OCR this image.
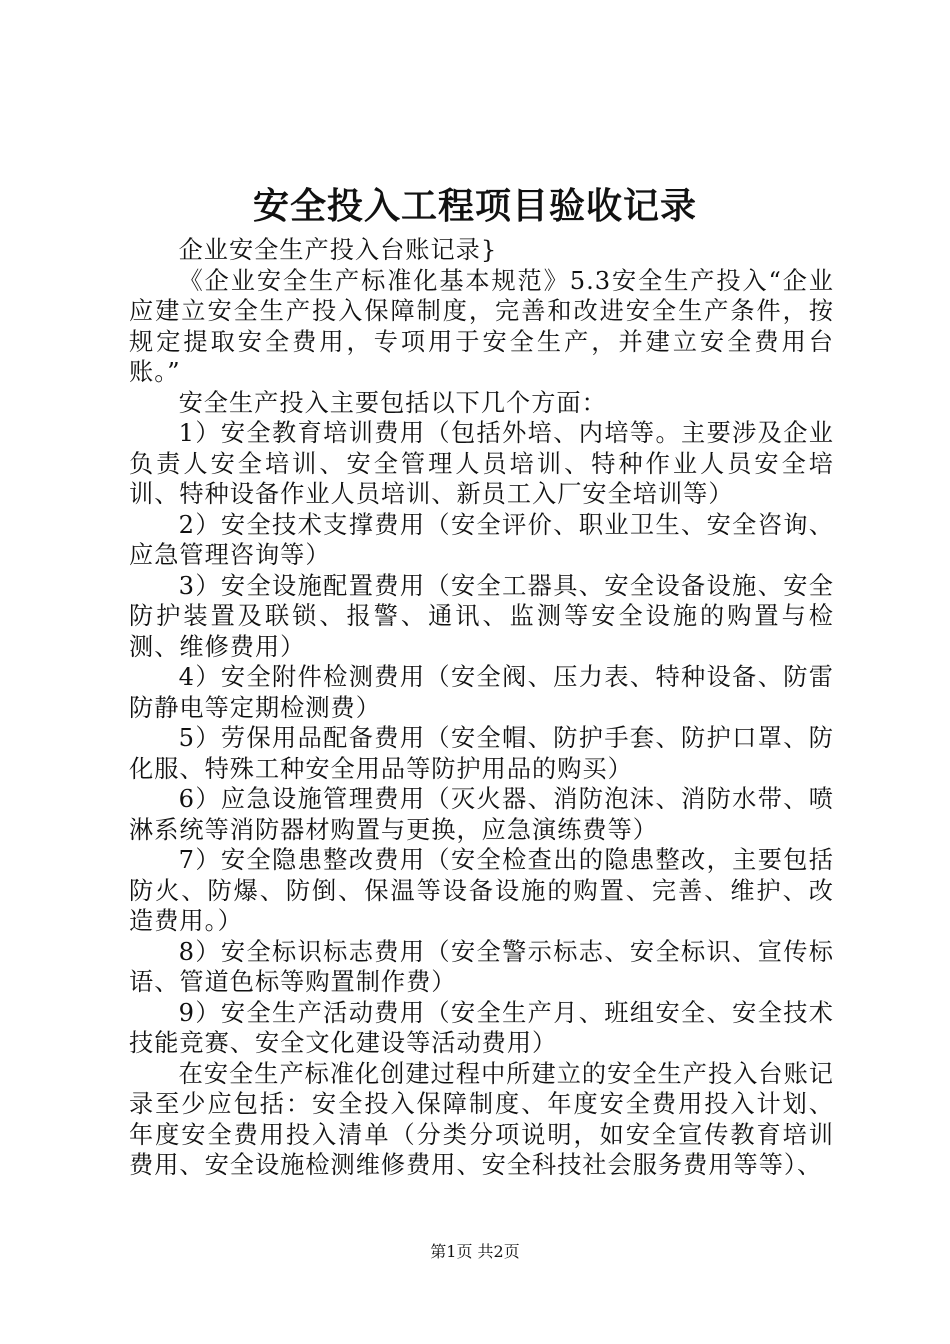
安全投入工程项目验收记录

企业安全生产投入台账记录}

《企业安全生产标准化基本规范》5.3安全生产投入“企业应建立安全生产投入保障制度，完善和改进安全生产条件，按规定提取安全费用，专项用于安全生产，并建立安全费用台账。”

安全生产投入主要包括以下几个方面：

1）安全教育培训费用（包括外培、内培等。主要涉及企业负责人安全培训、安全管理人员培训、特种作业人员安全培训、特种设备作业人员培训、新员工入厂安全培训等）

2）安全技术支撑费用（安全评价、职业卫生、安全咨询、应急管理咨询等）

3）安全设施配置费用（安全工器具、安全设备设施、安全防护装置及联锁、报警、通讯、监测等安全设施的购置与检测、维修费用）

4）安全附件检测费用（安全阀、压力表、特种设备、防雷防静电等定期检测费）

5）劳保用品配备费用（安全帽、防护手套、防护口罩、防化服、特殊工种安全用品等防护用品的购买）

6）应急设施管理费用（灭火器、消防泡沫、消防水带、喷淋系统等消防器材购置与更换，应急演练费等）

7）安全隐患整改费用（安全检查出的隐患整改，主要包括防火、防爆、防倒、保温等设备设施的购置、完善、维护、改造费用。）

8）安全标识标志费用（安全警示标志、安全标识、宣传标语、管道色标等购置制作费）

9）安全生产活动费用（安全生产月、班组安全、安全技术技能竞赛、安全文化建设等活动费用）

在安全生产标准化创建过程中所建立的安全生产投入台账记录至少应包括：安全投入保障制度、年度安全费用投入计划、年度安全费用投入清单（分类分项说明，如安全宣传教育培训费用、安全设施检测维修费用、安全科技社会服务费用等等）、

第1页 共2页
